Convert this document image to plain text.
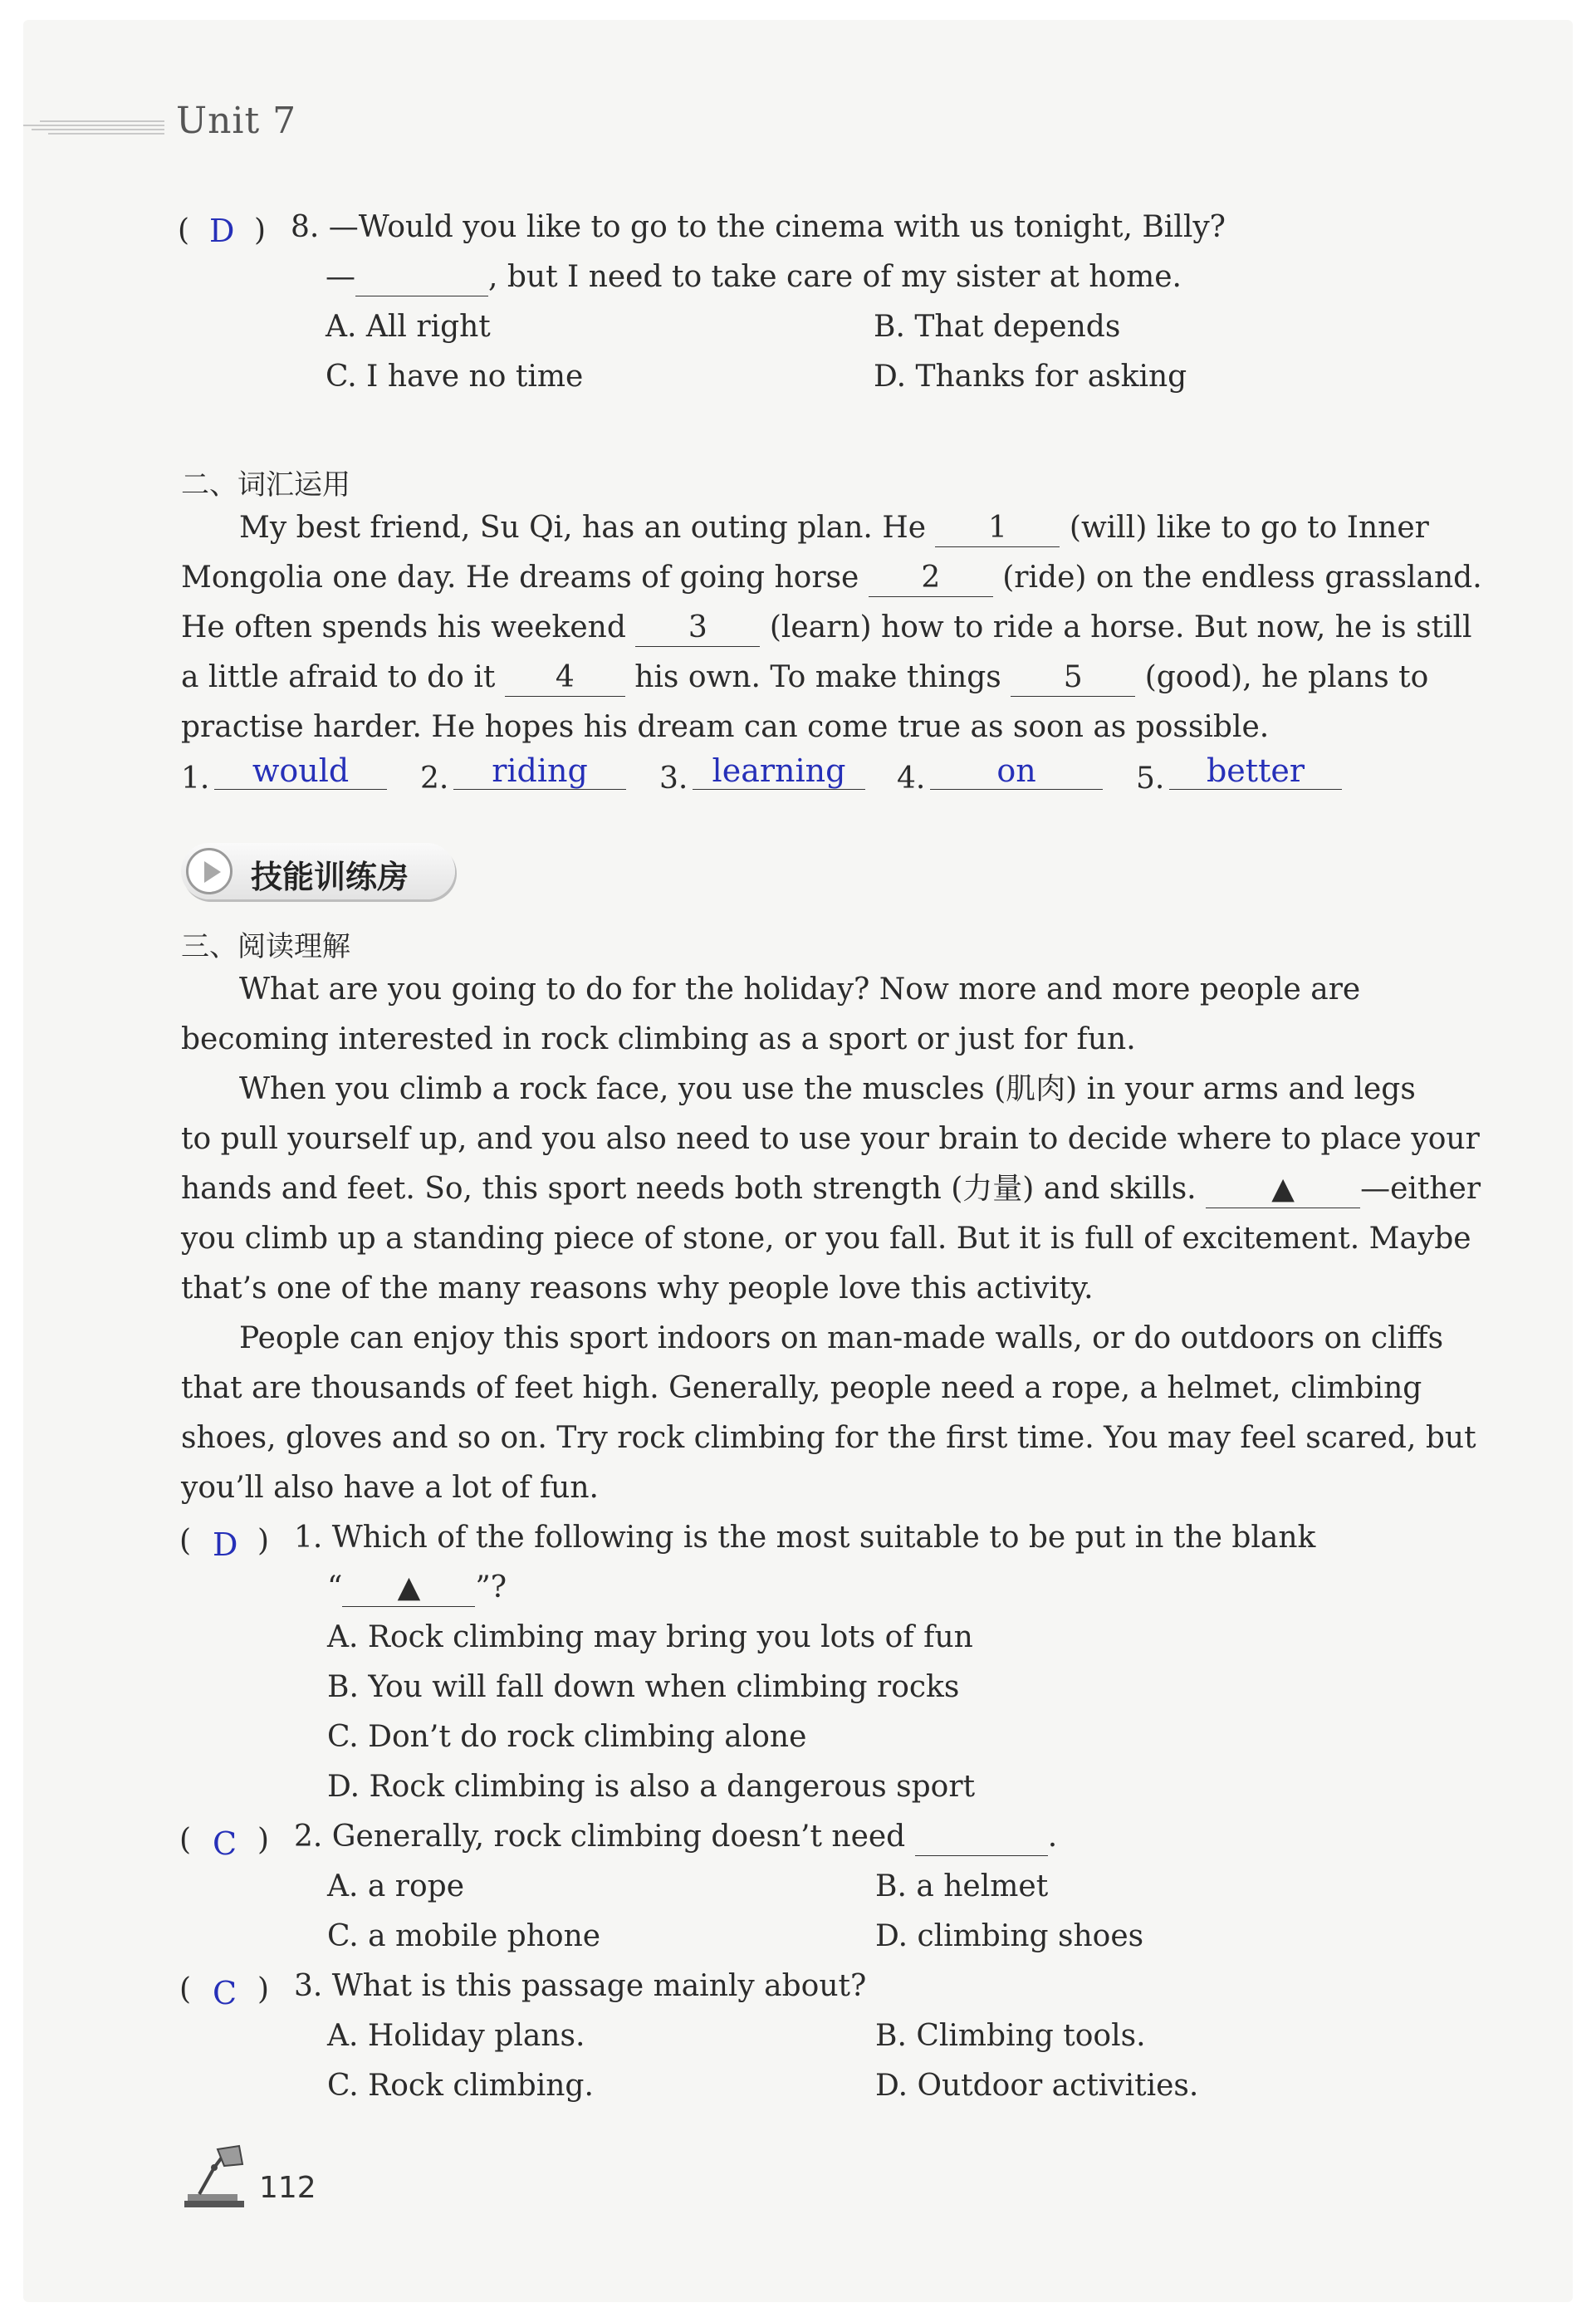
Unit 7
( D ) 8. —Would you like to go to the cinema with us tonight, Billy?
—	, but I need to take care of my sister at home.
A. All right	B. That depends
C. I have no time	D. Thanks for asking
二、词汇运用
My best friend, Su Qi, has an outing plan. He 1 (will) like to go to Inner
Mongolia one day. He dreams of going horse 2 (ride) on the endless grassland.
He often spends his weekend 3 (learn) how to ride a horse. But now, he is still
a little afraid to do it 4 his own. To make things 5 (good), he plans to
practise harder. He hopes his dream can come true as soon as possible.
1.	would	2.	riding	3. learning	4.	on	5.	better
技能训练房
三、阅读理解
What are you going to do for the holiday? Now more and more people are
becoming interested in rock climbing as a sport or just for fun.
When you climb a rock face, you use the muscles (肌肉) in your arms and legs
to pull yourself up, and you also need to use your brain to decide where to place your
hands and feet. So, this sport needs both strength (力量) and skills.	▲ —either
you climb up a standing piece of stone, or you fall. But it is full of excitement. Maybe
that’s one of the many reasons why people love this activity.
People can enjoy this sport indoors on man-made walls, or do outdoors on cliffs
that are thousands of feet high. Generally, people need a rope, a helmet, climbing
shoes, gloves and so on. Try rock climbing for the first time. You may feel scared, but
you’ll also have a lot of fun.
( D ) 1. Which of the following is the most suitable to be put in the blank
“ ▲ ”?
A. Rock climbing may bring you lots of fun
B. You will fall down when climbing rocks
C. Don’t do rock climbing alone
D. Rock climbing is also a dangerous sport
( C ) 2. Generally, rock climbing doesn’t need	.
A. a rope	B. a helmet
C. a mobile phone	D. climbing shoes
( C ) 3. What is this passage mainly about?
A. Holiday plans.	B. Climbing tools.
C. Rock climbing.	D. Outdoor activities.
112
